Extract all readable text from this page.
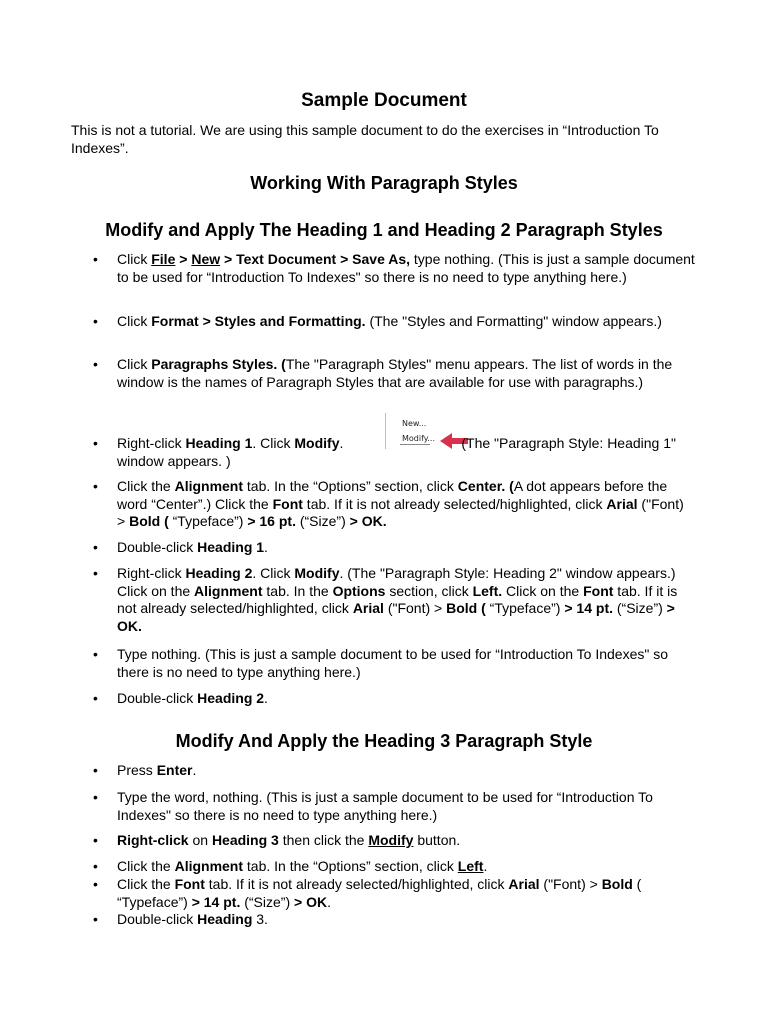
Sample Document
This is not a tutorial. We are using this sample document to do the exercises in “Introduction To Indexes”.
Working With Paragraph Styles
Modify and Apply The Heading 1 and Heading 2 Paragraph Styles
• Click File > New > Text Document > Save As, type nothing. (This is just a sample document to be used for “Introduction To Indexes" so there is no need to type anything here.)
• Click Format > Styles and Formatting. (The "Styles and Formatting" window appears.)
• Click Paragraphs Styles. (The "Paragraph Styles" menu appears. The list of words in the window is the names of Paragraph Styles that are available for use with paragraphs.)
New...
Modify...
• Right-click Heading 1. Click Modify.	(The "Paragraph Style: Heading 1" window appears. )
• Click the Alignment tab. In the “Options” section, click Center. (A dot appears before the word “Center”.) Click the Font tab. If it is not already selected/highlighted, click Arial ("Font) > Bold ( “Typeface”) > 16 pt. (“Size”) > OK.
• Double-click Heading 1.
• Right-click Heading 2. Click Modify. (The "Paragraph Style: Heading 2" window appears.) Click on the Alignment tab. In the Options section, click Left. Click on the Font tab. If it is not already selected/highlighted, click Arial ("Font) > Bold ( “Typeface”) > 14 pt. (“Size”) > OK.
• Type nothing. (This is just a sample document to be used for “Introduction To Indexes" so there is no need to type anything here.)
• Double-click Heading 2.
Modify And Apply the Heading 3 Paragraph Style
• Press Enter.
• Type the word, nothing. (This is just a sample document to be used for “Introduction To Indexes" so there is no need to type anything here.)
• Right-click on Heading 3 then click the Modify button.
• Click the Alignment tab. In the “Options” section, click Left.
• Click the Font tab. If it is not already selected/highlighted, click Arial ("Font) > Bold ( “Typeface”) > 14 pt. (“Size”) > OK.
• Double-click Heading 3.
